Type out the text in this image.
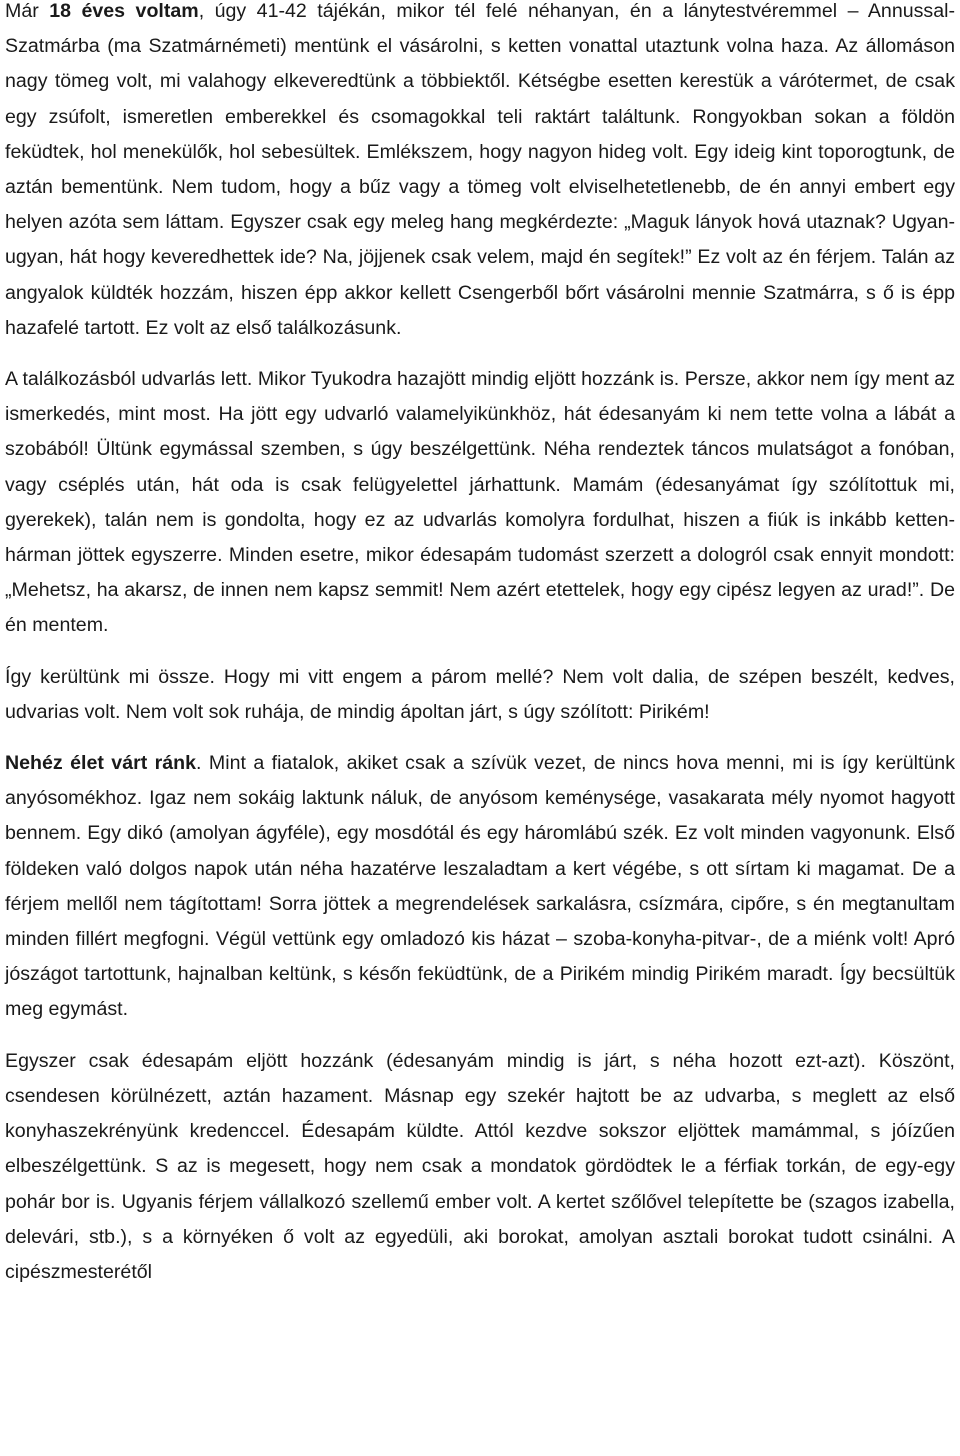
Már 18 éves voltam, úgy 41-42 tájékán, mikor tél felé néhanyan, én a lánytestvéremmel – Annussal- Szatmárba (ma Szatmárnémeti) mentünk el vásárolni, s ketten vonattal utaztunk volna haza. Az állomáson nagy tömeg volt, mi valahogy elkeveredtünk a többiektől. Kétségbe esetten kerestük a várótermet, de csak egy zsúfolt, ismeretlen emberekkel és csomagokkal teli raktárt találtunk. Rongyokban sokan a földön feküdtek, hol menekülők, hol sebesültek. Emlékszem, hogy nagyon hideg volt. Egy ideig kint toporogtunk, de aztán bementünk. Nem tudom, hogy a bűz vagy a tömeg volt elviselhetetlenebb, de én annyi embert egy helyen azóta sem láttam. Egyszer csak egy meleg hang megkérdezte: „Maguk lányok hová utaznak? Ugyan-ugyan, hát hogy keveredhettek ide? Na, jöjjenek csak velem, majd én segítek!” Ez volt az én férjem. Talán az angyalok küldték hozzám, hiszen épp akkor kellett Csengerből bőrt vásárolni mennie Szatmárra, s ő is épp hazafelé tartott. Ez volt az első találkozásunk.

A találkozásból udvarlás lett. Mikor Tyukodra hazajött mindig eljött hozzánk is. Persze, akkor nem így ment az ismerkedés, mint most. Ha jött egy udvarló valamelyikünkhöz, hát édesanyám ki nem tette volna a lábát a szobából! Ültünk egymással szemben, s úgy beszélgettünk. Néha rendeztek táncos mulatságot a fonóban, vagy cséplés után, hát oda is csak felügyelettel járhattunk. Mamám (édesanyámat így szólítottuk mi, gyerekek), talán nem is gondolta, hogy ez az udvarlás komolyra fordulhat, hiszen a fiúk is inkább ketten-hárman jöttek egyszerre. Minden esetre, mikor édesapám tudomást szerzett a dologról csak ennyit mondott: „Mehetsz, ha akarsz, de innen nem kapsz semmit! Nem azért etettelek, hogy egy cipész legyen az urad!”. De én mentem.

Így kerültünk mi össze. Hogy mi vitt engem a párom mellé? Nem volt dalia, de szépen beszélt, kedves, udvarias volt. Nem volt sok ruhája, de mindig ápoltan járt, s úgy szólított: Pirikém!

Nehéz élet várt ránk. Mint a fiatalok, akiket csak a szívük vezet, de nincs hova menni, mi is így kerültünk anyósomékhoz. Igaz nem sokáig laktunk náluk, de anyósom keménysége, vasakarata mély nyomot hagyott bennem. Egy dikó (amolyan ágyféle), egy mosdótál és egy háromlábú szék. Ez volt minden vagyonunk. Első földeken való dolgos napok után néha hazatérve leszaladtam a kert végébe, s ott sírtam ki magamat. De a férjem mellől nem tágítottam! Sorra jöttek a megrendelések sarkalásra, csízmára, cipőre, s én megtanultam minden fillért megfogni. Végül vettünk egy omladozó kis házat – szoba-konyha-pitvar-, de a miénk volt! Apró jószágot tartottunk, hajnalban keltünk, s későn feküdtünk, de a Pirikém mindig Pirikém maradt. Így becsültük meg egymást.

Egyszer csak édesapám eljött hozzánk (édesanyám mindig is járt, s néha hozott ezt-azt). Köszönt, csendesen körülnézett, aztán hazament. Másnap egy szekér hajtott be az udvarba, s meglett az első konyhaszekrényünk kredenccel. Édesapám küldte. Attól kezdve sokszor eljöttek mamámmal, s jóízűen elbeszélgettünk. S az is megesett, hogy nem csak a mondatok gördödtek le a férfiak torkán, de egy-egy pohár bor is. Ugyanis férjem vállalkozó szellemű ember volt. A kertet szőlővel telepítette be (szagos izabella, delevári, stb.), s a környéken ő volt az egyedüli, aki borokat, amolyan asztali borokat tudott csinálni. A cipészmesterétől
